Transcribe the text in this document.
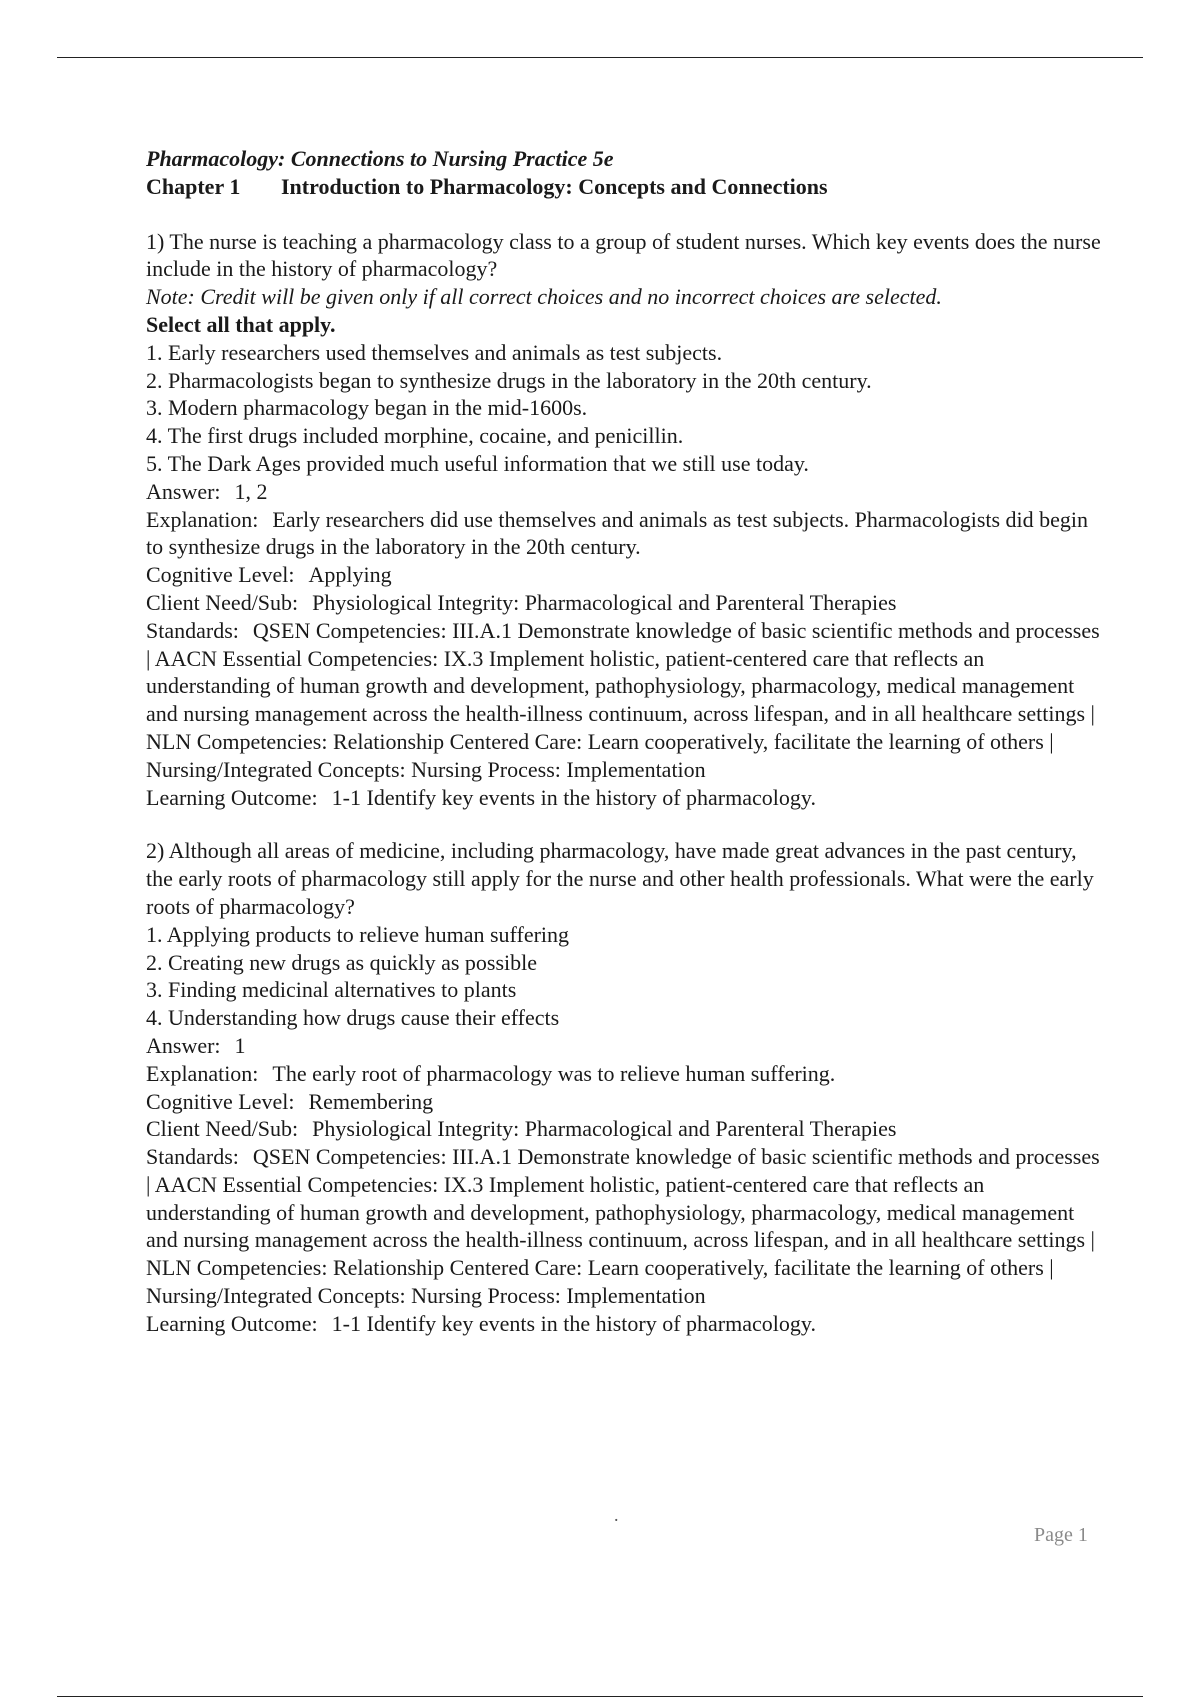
Pharmacology: Connections to Nursing Practice 5e
Chapter 1 Introduction to Pharmacology: Concepts and Connections
1) The nurse is teaching a pharmacology class to a group of student nurses. Which key events does the nurse include in the history of pharmacology?
Note: Credit will be given only if all correct choices and no incorrect choices are selected.
Select all that apply.
1. Early researchers used themselves and animals as test subjects.
2. Pharmacologists began to synthesize drugs in the laboratory in the 20th century.
3. Modern pharmacology began in the mid-1600s.
4. The first drugs included morphine, cocaine, and penicillin.
5. The Dark Ages provided much useful information that we still use today.
Answer: 1, 2
Explanation: Early researchers did use themselves and animals as test subjects. Pharmacologists did begin to synthesize drugs in the laboratory in the 20th century.
Cognitive Level: Applying
Client Need/Sub: Physiological Integrity: Pharmacological and Parenteral Therapies
Standards: QSEN Competencies: III.A.1 Demonstrate knowledge of basic scientific methods and processes | AACN Essential Competencies: IX.3 Implement holistic, patient-centered care that reflects an understanding of human growth and development, pathophysiology, pharmacology, medical management and nursing management across the health-illness continuum, across lifespan, and in all healthcare settings | NLN Competencies: Relationship Centered Care: Learn cooperatively, facilitate the learning of others | Nursing/Integrated Concepts: Nursing Process: Implementation
Learning Outcome: 1-1 Identify key events in the history of pharmacology.
2) Although all areas of medicine, including pharmacology, have made great advances in the past century, the early roots of pharmacology still apply for the nurse and other health professionals. What were the early roots of pharmacology?
1. Applying products to relieve human suffering
2. Creating new drugs as quickly as possible
3. Finding medicinal alternatives to plants
4. Understanding how drugs cause their effects
Answer: 1
Explanation: The early root of pharmacology was to relieve human suffering.
Cognitive Level: Remembering
Client Need/Sub: Physiological Integrity: Pharmacological and Parenteral Therapies
Standards: QSEN Competencies: III.A.1 Demonstrate knowledge of basic scientific methods and processes | AACN Essential Competencies: IX.3 Implement holistic, patient-centered care that reflects an understanding of human growth and development, pathophysiology, pharmacology, medical management and nursing management across the health-illness continuum, across lifespan, and in all healthcare settings | NLN Competencies: Relationship Centered Care: Learn cooperatively, facilitate the learning of others | Nursing/Integrated Concepts: Nursing Process: Implementation
Learning Outcome: 1-1 Identify key events in the history of pharmacology.
.
Page 1
